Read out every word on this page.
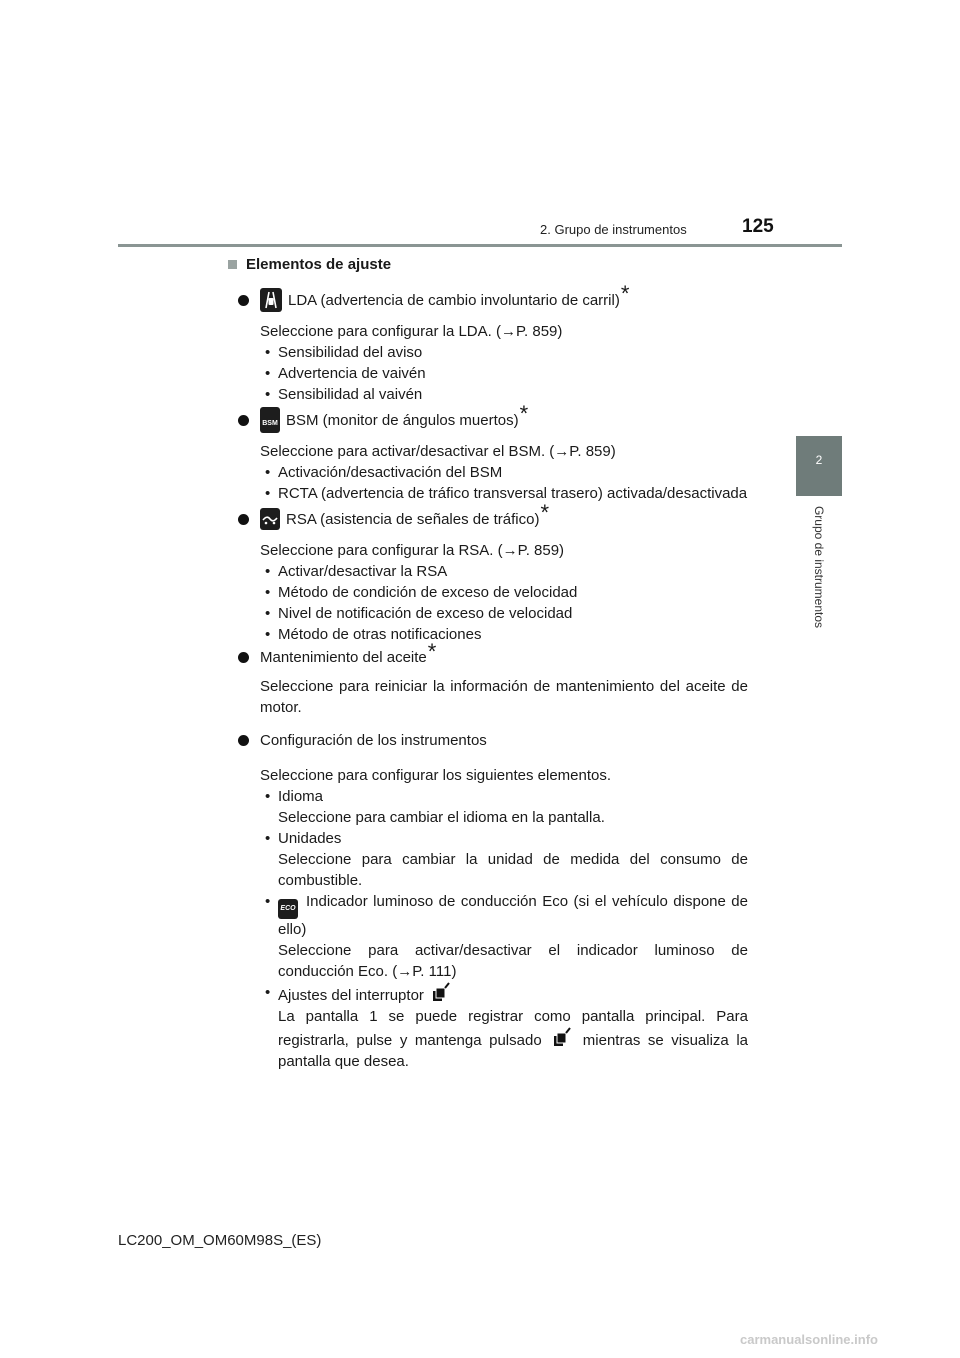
2. Grupo de instrumentos	125
2
Grupo de instrumentos
Elementos de ajuste
LDA (advertencia de cambio involuntario de carril) *
Seleccione para configurar la LDA. (→P. 859)
• Sensibilidad del aviso
• Advertencia de vaivén
• Sensibilidad al vaivén
BSM BSM (monitor de ángulos muertos) *
Seleccione para activar/desactivar el BSM. (→P. 859)
• Activación/desactivación del BSM
• RCTA (advertencia de tráfico transversal trasero) activada/desactivada
RSA (asistencia de señales de tráfico) *
Seleccione para configurar la RSA. (→P. 859)
• Activar/desactivar la RSA
• Método de condición de exceso de velocidad
• Nivel de notificación de exceso de velocidad
• Método de otras notificaciones
Mantenimiento del aceite *
Seleccione para reiniciar la información de mantenimiento del aceite de motor.
Configuración de los instrumentos
Seleccione para configurar los siguientes elementos.
• Idioma
Seleccione para cambiar el idioma en la pantalla.
• Unidades
Seleccione para cambiar la unidad de medida del consumo de combustible.
• ECO Indicador luminoso de conducción Eco (si el vehículo dispone de ello)
Seleccione para activar/desactivar el indicador luminoso de conducción Eco. (→P. 111)
• Ajustes del interruptor
La pantalla 1 se puede registrar como pantalla principal. Para registrarla, pulse y mantenga pulsado	mientras se visualiza la pantalla que desea.
LC200_OM_OM60M98S_(ES)
carmanualsonline.info
